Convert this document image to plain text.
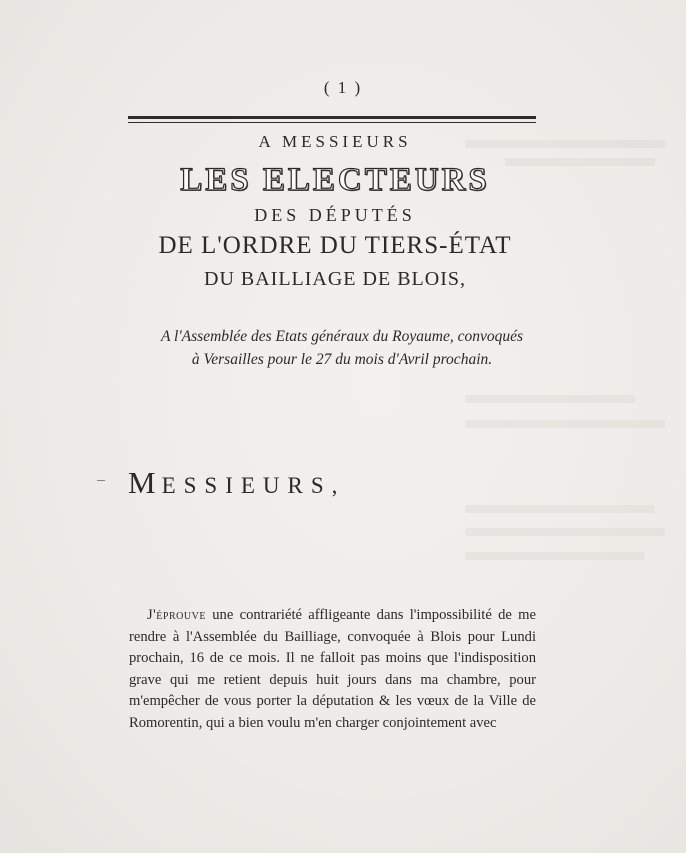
( 1 )
A MESSIEURS
LES ELECTEURS
DES DÉPUTÉS
DE L'ORDRE DU TIERS-ÉTAT
DU BAILLIAGE DE BLOIS,
A l'Assemblée des Etats généraux du Royaume, convoqués
à Versailles pour le 27 du mois d'Avril prochain.
MESSIEURS,
J'éprouve une contrariété affligeante dans l'impossibilité de me rendre à l'Assemblée du Bailliage, convoquée à Blois pour Lundi prochain, 16 de ce mois. Il ne falloit pas moins que l'indisposition grave qui me retient depuis huit jours dans ma chambre, pour m'empêcher de vous porter la députation & les vœux de la Ville de Romorentin, qui a bien voulu m'en charger conjointement avec
